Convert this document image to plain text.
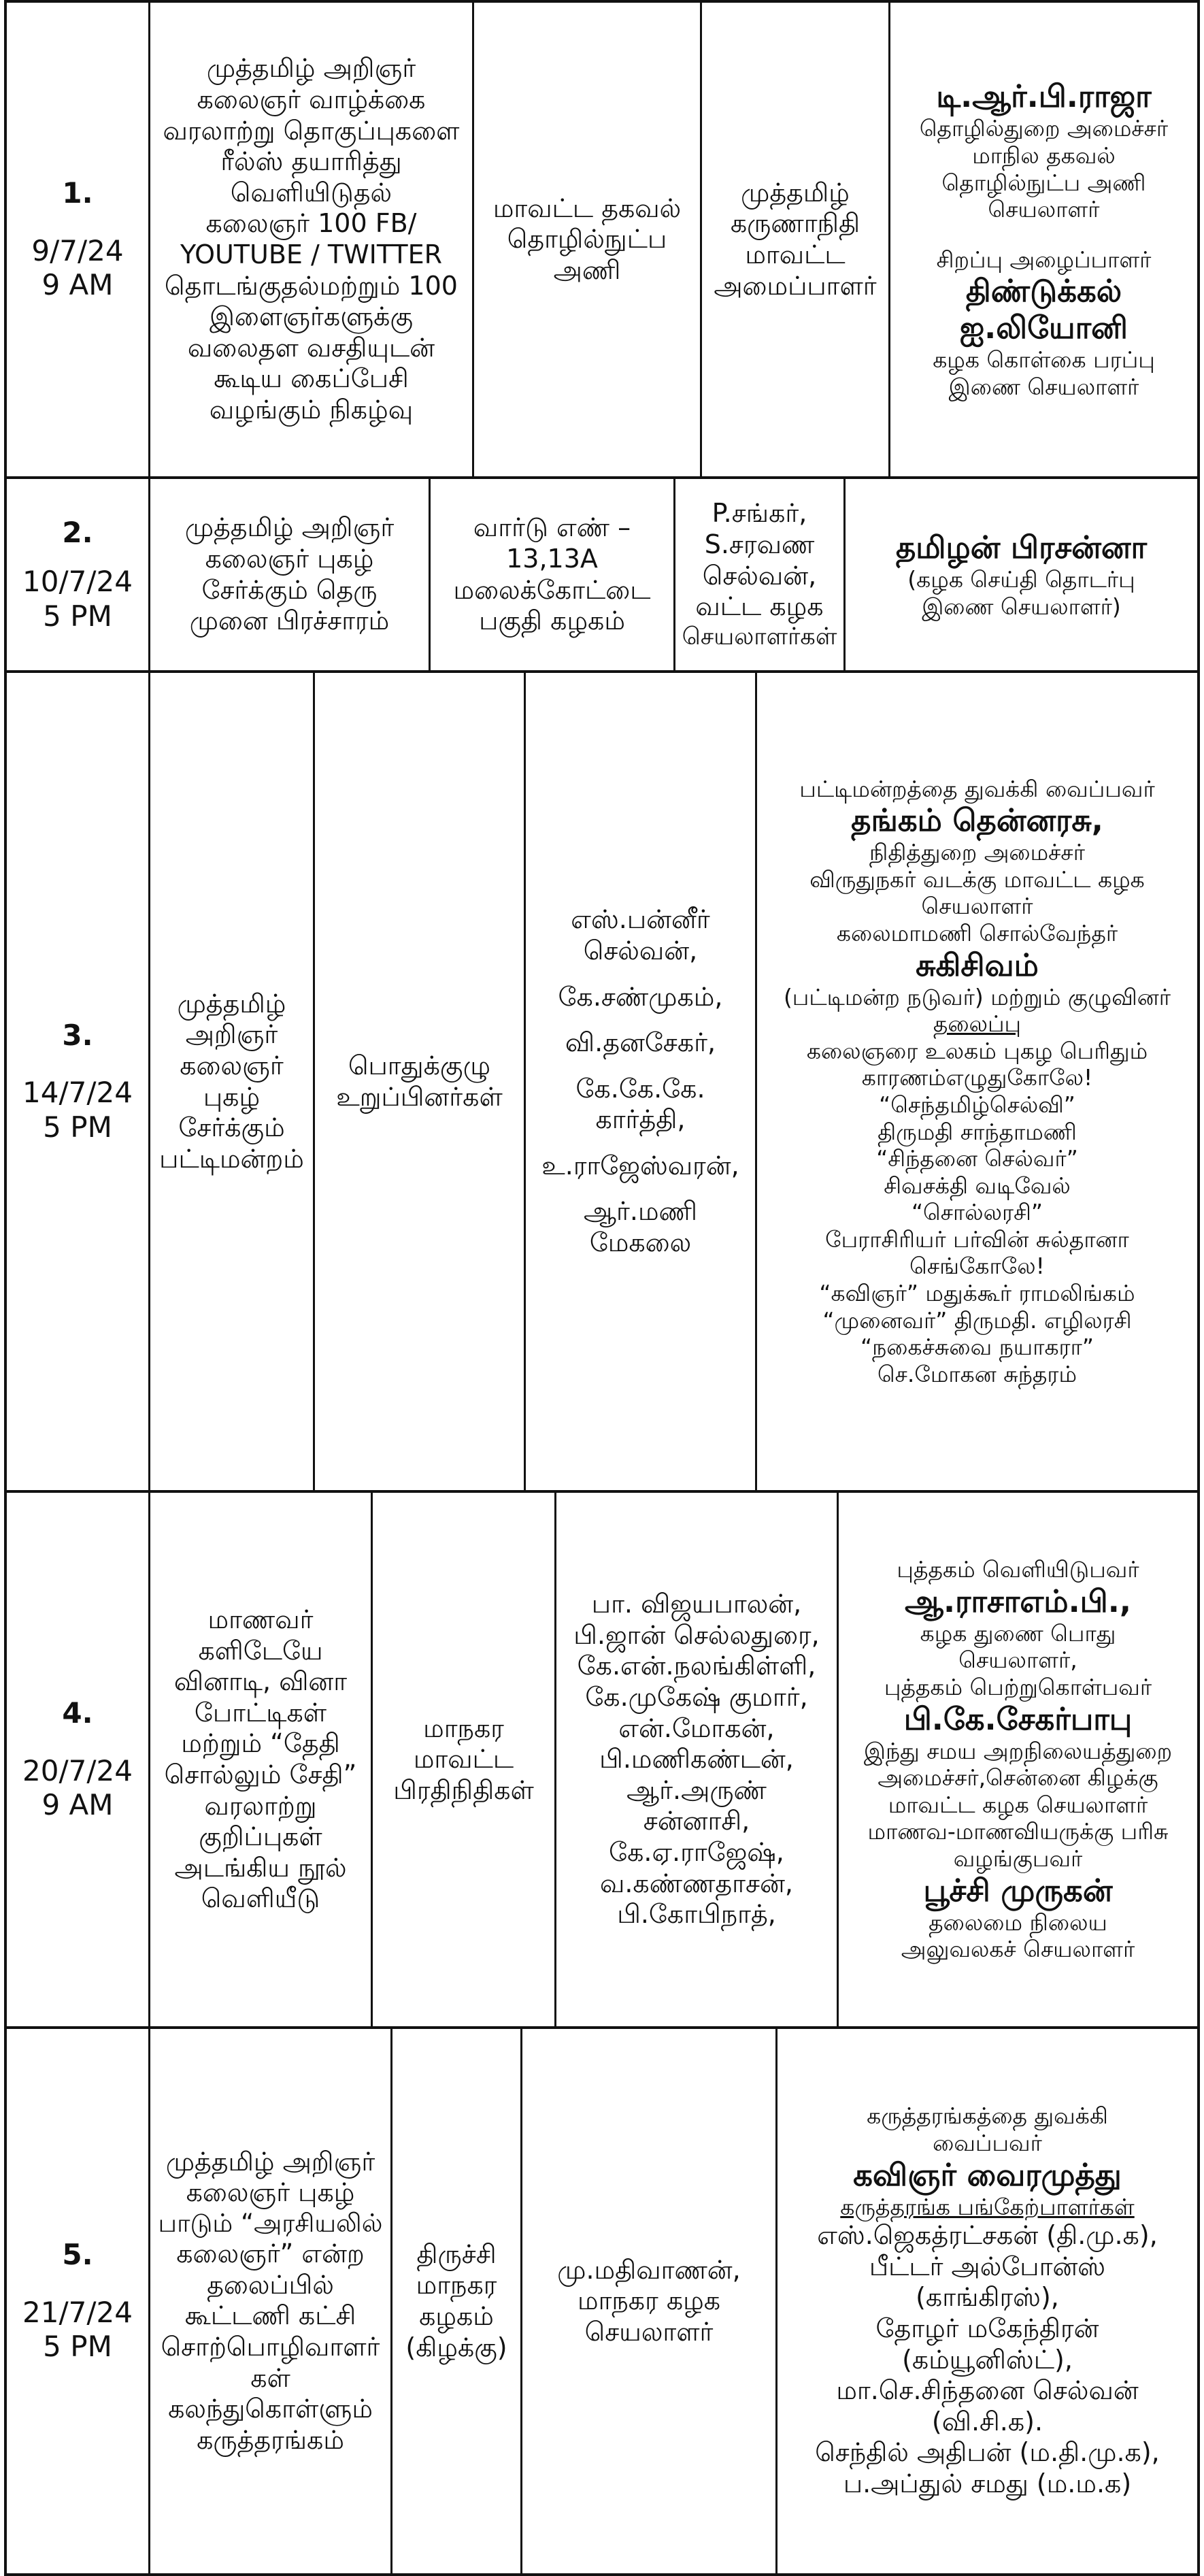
1.
9/7/24
9 AM
முத்தமிழ் அறிஞர்
கலைஞர் வாழ்க்கை
வரலாற்று தொகுப்புகளை
ரீல்ஸ் தயாரித்து
வெளியிடுதல்
கலைஞர் 100 FB/
YOUTUBE / TWITTER
தொடங்குதல்மற்றும் 100
இளைஞர்களுக்கு
வலைதள வசதியுடன்
கூடிய கைப்பேசி
வழங்கும் நிகழ்வு
மாவட்ட தகவல்
தொழில்நுட்ப
அணி
முத்தமிழ்
கருணாநிதி
மாவட்ட
அமைப்பாளர்
டி.ஆர்.பி.ராஜா
தொழில்துறை அமைச்சர்
மாநில தகவல்
தொழில்நுட்ப அணி
செயலாளர்
சிறப்பு அழைப்பாளர்
திண்டுக்கல்
ஐ.லியோனி
கழக கொள்கை பரப்பு
இணை செயலாளர்
2.
10/7/24
5 PM
முத்தமிழ் அறிஞர்
கலைஞர் புகழ்
சேர்க்கும் தெரு
முனை பிரச்சாரம்
வார்டு எண் –
13,13A
மலைக்கோட்டை
பகுதி கழகம்
P.சங்கர்,
S.சரவண
செல்வன்,
வட்ட கழக
செயலாளர்கள்
தமிழன் பிரசன்னா
(கழக செய்தி தொடர்பு
இணை செயலாளர்)
3.
14/7/24
5 PM
முத்தமிழ்
அறிஞர்
கலைஞர்
புகழ்
சேர்க்கும்
பட்டிமன்றம்
பொதுக்குழு
உறுப்பினர்கள்
எஸ்.பன்னீர்
செல்வன்,
கே.சண்முகம்,
வி.தனசேகர்,
கே.கே.கே.
கார்த்தி,
உ.ராஜேஸ்வரன்,
ஆர்.மணி
மேகலை
பட்டிமன்றத்தை துவக்கி வைப்பவர்
தங்கம் தென்னரசு,
நிதித்துறை அமைச்சர்
விருதுநகர் வடக்கு மாவட்ட கழக
செயலாளர்
கலைமாமணி சொல்வேந்தர்
சுகிசிவம்
(பட்டிமன்ற நடுவர்) மற்றும் குழுவினர்
தலைப்பு
கலைஞரை உலகம் புகழ பெரிதும்
காரணம்எழுதுகோலே!
“செந்தமிழ்செல்வி”
திருமதி சாந்தாமணி
“சிந்தனை செல்வர்”
சிவசக்தி வடிவேல்
“சொல்லரசி”
பேராசிரியர் பர்வின் சுல்தானா
செங்கோலே!
“கவிஞர்” மதுக்கூர் ராமலிங்கம்
“முனைவர்” திருமதி. எழிலரசி
“நகைச்சுவை நயாகரா”
செ.மோகன சுந்தரம்
4.
20/7/24
9 AM
மாணவர்
களிடேயே
வினாடி, வினா
போட்டிகள்
மற்றும் “தேதி
சொல்லும் சேதி”
வரலாற்று
குறிப்புகள்
அடங்கிய நூல்
வெளியீடு
மாநகர
மாவட்ட
பிரதிநிதிகள்
பா. விஜயபாலன்,
பி.ஜான் செல்லதுரை,
கே.என்.நலங்கிள்ளி,
கே.முகேஷ் குமார்,
என்.மோகன்,
பி.மணிகண்டன்,
ஆர்.அருண்
சன்னாசி,
கே.ஏ.ராஜேஷ்,
வ.கண்ணதாசன்,
பி.கோபிநாத்,
புத்தகம் வெளியிடுபவர்
ஆ.ராசாஎம்.பி.,
கழக துணை பொது
செயலாளர்,
புத்தகம் பெற்றுகொள்பவர்
பி.கே.சேகர்பாபு
இந்து சமய அறநிலையத்துறை
அமைச்சர்,சென்னை கிழக்கு
மாவட்ட கழக செயலாளர்
மாணவ-மாணவியருக்கு பரிசு
வழங்குபவர்
பூச்சி முருகன்
தலைமை நிலைய
அலுவலகச் செயலாளர்
5.
21/7/24
5 PM
முத்தமிழ் அறிஞர்
கலைஞர் புகழ்
பாடும் “அரசியலில்
கலைஞர்” என்ற
தலைப்பில்
கூட்டணி கட்சி
சொற்பொழிவாளர்
கள்
கலந்துகொள்ளும்
கருத்தரங்கம்
திருச்சி
மாநகர
கழகம்
(கிழக்கு)
மு.மதிவாணன்,
மாநகர கழக
செயலாளர்
கருத்தரங்கத்தை துவக்கி
வைப்பவர்
கவிஞர் வைரமுத்து
கருத்தரங்க பங்கேற்பாளர்கள்
எஸ்.ஜெகத்ரட்சகன் (தி.மு.க),
பீட்டர் அல்போன்ஸ்
(காங்கிரஸ்),
தோழர் மகேந்திரன்
(கம்யூனிஸ்ட்),
மா.செ.சிந்தனை செல்வன்
(வி.சி.க).
செந்தில் அதிபன் (ம.தி.மு.க),
ப.அப்துல் சமது (ம.ம.க)
